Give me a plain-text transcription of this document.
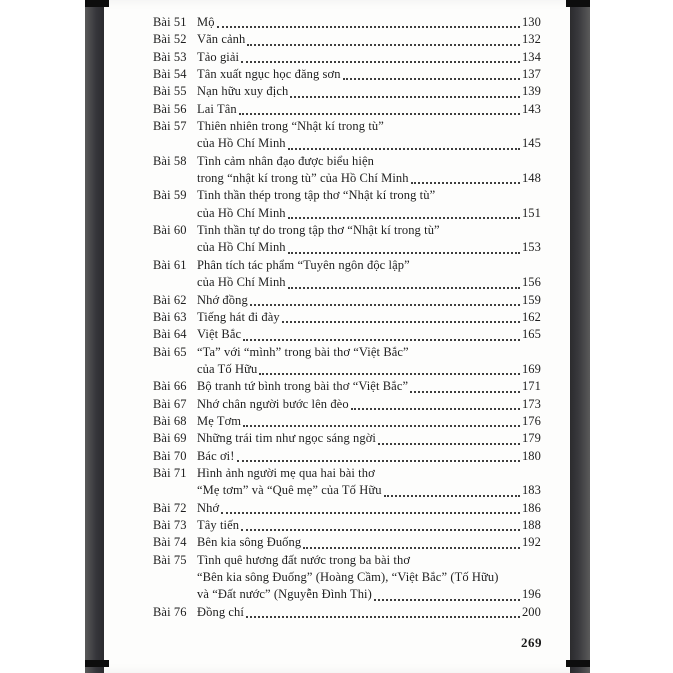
Bài 51 Mộ	130
Bài 52 Vãn cảnh	132
Bài 53 Tảo giải	134
Bài 54 Tân xuất ngục học đăng sơn	137
Bài 55 Nạn hữu xuy địch	139
Bài 56 Lai Tân	143
Bài 57 Thiên nhiên trong “Nhật kí trong tù”
của Hồ Chí Minh	145
Bài 58 Tình cảm nhân đạo được biểu hiện
trong “nhật kí trong tù” của Hồ Chí Minh	148
Bài 59 Tinh thần thép trong tập thơ “Nhật kí trong tù”
của Hồ Chí Minh	151
Bài 60 Tinh thần tự do trong tập thơ “Nhật kí trong tù”
của Hồ Chí Minh	153
Bài 61 Phân tích tác phẩm “Tuyên ngôn độc lập”
của Hồ Chí Minh	156
Bài 62 Nhớ đồng	159
Bài 63 Tiếng hát đi đày	162
Bài 64 Việt Bắc	165
Bài 65 “Ta” với “mình” trong bài thơ “Việt Bắc”
của Tố Hữu	169
Bài 66 Bộ tranh tứ bình trong bài thơ “Việt Bắc”	171
Bài 67 Nhớ chân người bước lên đèo	173
Bài 68 Mẹ Tơm	176
Bài 69 Những trái tim như ngọc sáng ngời	179
Bài 70 Bác ơi!	180
Bài 71 Hình ảnh người mẹ qua hai bài thơ
“Mẹ tơm” và “Quê mẹ” của Tố Hữu	183
Bài 72 Nhớ	186
Bài 73 Tây tiến	188
Bài 74 Bên kia sông Đuống	192
Bài 75 Tình quê hương đất nước trong ba bài thơ
“Bên kia sông Đuống” (Hoàng Cầm), “Việt Bắc” (Tố Hữu)
và “Đất nước” (Nguyễn Đình Thi)	196
Bài 76 Đồng chí	200
269
